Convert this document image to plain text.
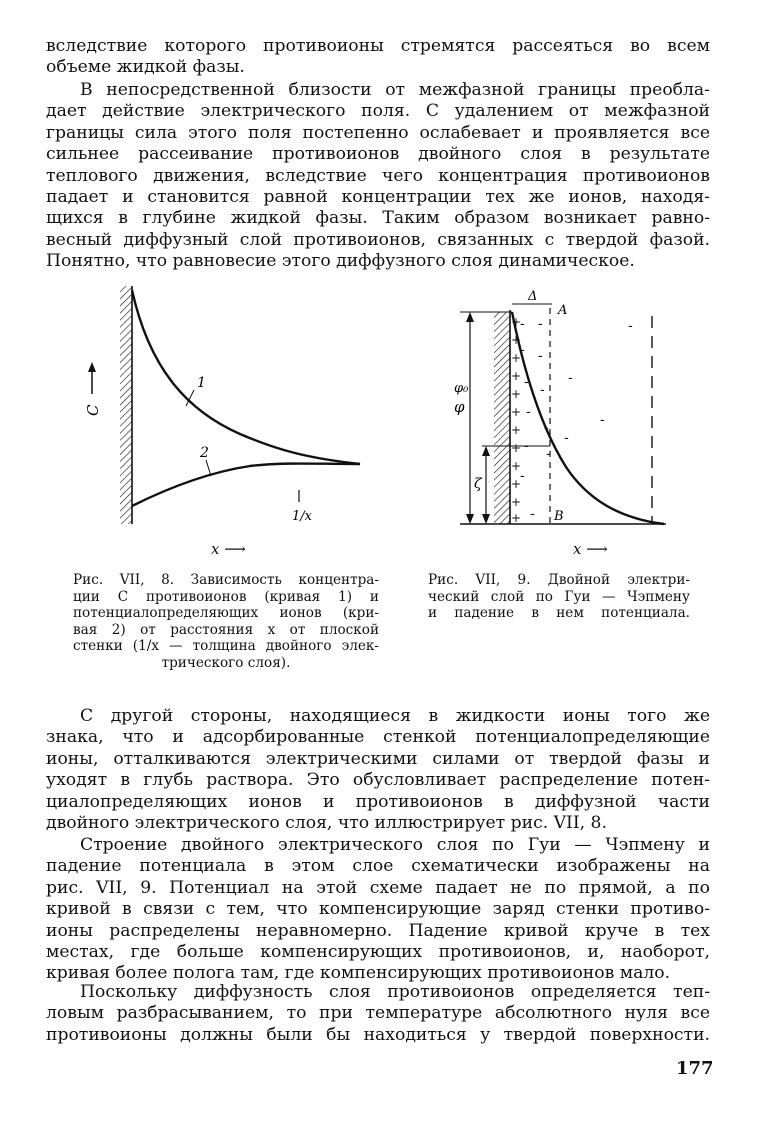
вследствие которого противоионы стремятся рассеяться во всем
объеме жидкой фазы.
В непосредственной близости от межфазной границы преобла-
дает действие электрического поля. С удалением от межфазной
границы сила этого поля постепенно ослабевает и проявляется все
сильнее рассеивание противоионов двойного слоя в результате
теплового движения, вследствие чего концентрация противоионов
падает и становится равной концентрации тех же ионов, находя-
щихся в глубине жидкой фазы. Таким образом возникает равно-
весный диффузный слой противоионов, связанных с твердой фазой.
Понятно, что равновесие этого диффузного слоя динамическое.
C
1
2
1/x
x ⟶
+
+
+
+
+
+
+
+
+
+
+
+
- -
- -
- -
-
-
- -
-
-
-
-
-
-
Δ
A
B
φ
φ₀
ζ
x ⟶
Рис. VII, 8. Зависимость концентра-
ции C противоионов (кривая 1) и
потенциалопределяющих ионов (кри-
вая 2) от расстояния x от плоской
стенки (1/x — толщина двойного элек-
трического слоя).
Рис. VII, 9. Двойной электри-
ческий слой по Гуи — Чэпмену
и падение в нем потенциала.
С другой стороны, находящиеся в жидкости ионы того же
знака, что и адсорбированные стенкой потенциалопределяющие
ионы, отталкиваются электрическими силами от твердой фазы и
уходят в глубь раствора. Это обусловливает распределение потен-
циалопределяющих ионов и противоионов в диффузной части
двойного электрического слоя, что иллюстрирует рис. VII, 8.
Строение двойного электрического слоя по Гуи — Чэпмену и
падение потенциала в этом слое схематически изображены на
рис. VII, 9. Потенциал на этой схеме падает не по прямой, а по
кривой в связи с тем, что компенсирующие заряд стенки противо-
ионы распределены неравномерно. Падение кривой круче в тех
местах, где больше компенсирующих противоионов, и, наоборот,
кривая более полога там, где компенсирующих противоионов мало.
Поскольку диффузность слоя противоионов определяется теп-
ловым разбрасыванием, то при температуре абсолютного нуля все
противоионы должны были бы находиться у твердой поверхности.
177
